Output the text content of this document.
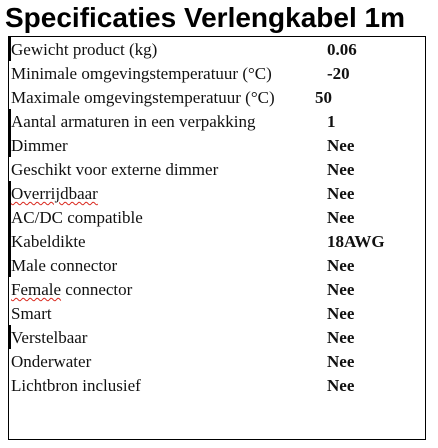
Specificaties Verlengkabel 1m
Gewicht product (kg)	0.06
Minimale omgevingstemperatuur (°C)	-20
Maximale omgevingstemperatuur (°C) 50
Aantal armaturen in een verpakking	1
Dimmer	Nee
Geschikt voor externe dimmer	Nee
Overrijdbaar	Nee
AC/DC compatible	Nee
Kabeldikte	18AWG
Male connector	Nee
Female connector	Nee
Smart	Nee
Verstelbaar	Nee
Onderwater	Nee
Lichtbron inclusief	Nee
